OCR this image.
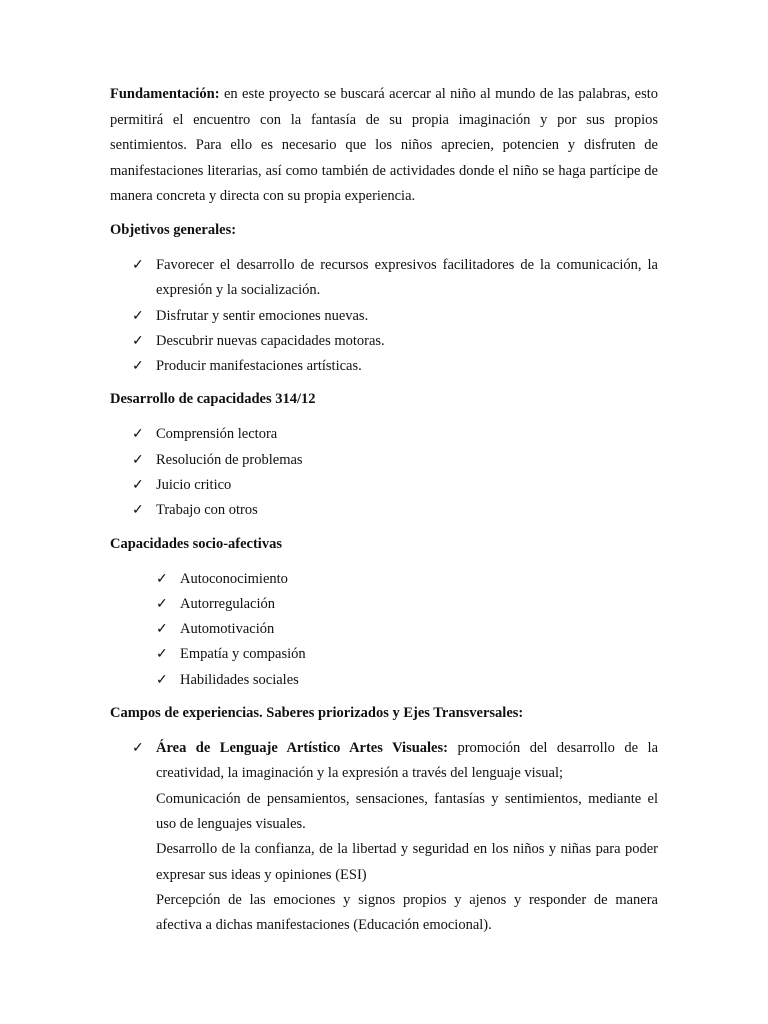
Fundamentación: en este proyecto se buscará acercar al niño al mundo de las palabras, esto permitirá el encuentro con la fantasía de su propia imaginación y por sus propios sentimientos. Para ello es necesario que los niños aprecien, potencien y disfruten de manifestaciones literarias, así como también de actividades donde el niño se haga partícipe de manera concreta y directa con su propia experiencia.

Objetivos generales:

✓ Favorecer el desarrollo de recursos expresivos facilitadores de la comunicación, la expresión y la socialización.
✓ Disfrutar y sentir emociones nuevas.
✓ Descubrir nuevas capacidades motoras.
✓ Producir manifestaciones artísticas.

Desarrollo de capacidades 314/12

✓ Comprensión lectora
✓ Resolución de problemas
✓ Juicio critico
✓ Trabajo con otros

Capacidades socio-afectivas

✓ Autoconocimiento
✓ Autorregulación
✓ Automotivación
✓ Empatía y compasión
✓ Habilidades sociales

Campos de experiencias. Saberes priorizados y Ejes Transversales:

✓ Área de Lenguaje Artístico Artes Visuales: promoción del desarrollo de la creatividad, la imaginación y la expresión a través del lenguaje visual;

Comunicación de pensamientos, sensaciones, fantasías y sentimientos, mediante el uso de lenguajes visuales.

Desarrollo de la confianza, de la libertad y seguridad en los niños y niñas para poder expresar sus ideas y opiniones (ESI)

Percepción de las emociones y signos propios y ajenos y responder de manera afectiva a dichas manifestaciones (Educación emocional).
